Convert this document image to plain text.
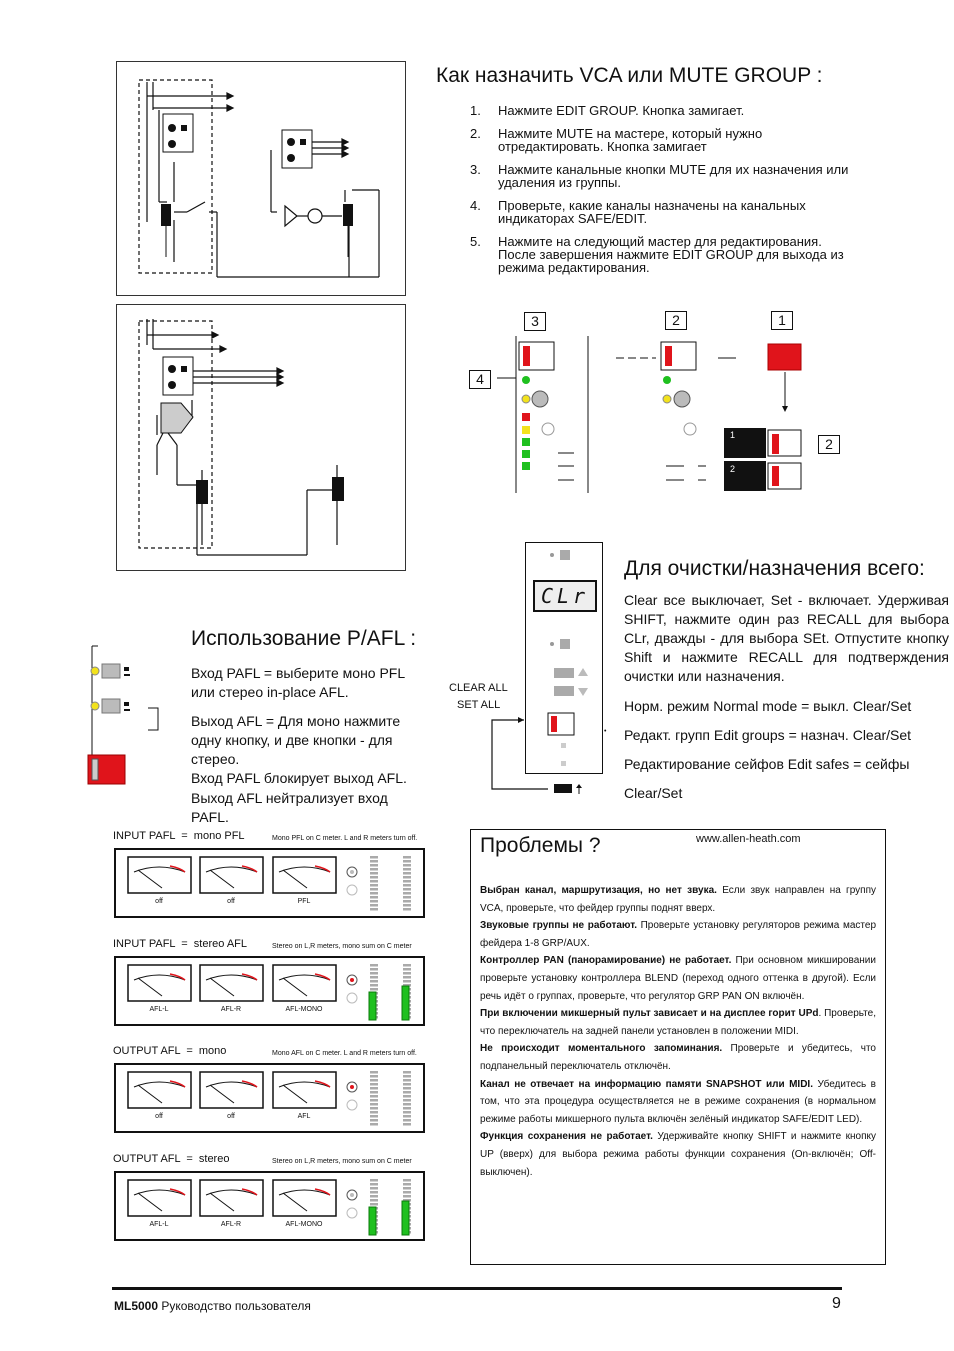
Как назначить VCA или MUTE GROUP :
1.	Нажмите EDIT GROUP. Кнопка замигает.
2.	Нажмите MUTE на мастере, который нужно отредактировать. Кнопка замигает
3.	Нажмите канальные кнопки MUTE для их назначения или удаления из группы.
4.	Проверьте, какие каналы назначены на канальных индикаторах SAFE/EDIT.
5.	Нажмите на следующий мастер для редактирования. После завершения нажмите EDIT GROUP для выхода из режима редактирования.
3	2	1
4
2
1
2
CLr
CLEAR ALL
SET ALL
•
Для очистки/назначения всего:
Clear все выключает, Set - включает. Удерживая SHIFT, нажмите один раз RECALL для выбора CLr, дважды - для выбора SEt. Отпустите кнопку Shift и нажмите RECALL для подтверждения очистки или назначения.
Норм. режим Normal mode = выкл. Clear/Set
Редакт. групп Edit groups = назнач. Clear/Set
Редактирование сейфов Edit safes = сейфы
Clear/Set
Использование P/AFL :
Вход PAFL = выберите моно PFL или стерео in-place AFL.
Выход AFL = Для моно нажмите одну кнопку, и две кнопки - для стерео.
Вход PAFL блокирует выход AFL.
Выход AFL нейтрализует вход PAFL.
INPUT PAFL  =  mono PFL	Mono PFL on C meter. L and R meters turn off.
off	off	PFL
INPUT PAFL  =  stereo AFL	Stereo on L,R meters, mono sum on C meter
AFL-L	AFL-R	AFL-MONO
OUTPUT AFL  =  mono	Mono AFL on C meter. L and R meters turn off.
off	off	AFL
OUTPUT AFL  =  stereo	Stereo on L,R meters, mono sum on C meter
AFL-L	AFL-R	AFL-MONO
Проблемы ?	www.allen-heath.com

Выбран канал, маршрутизация, но нет звука. Если звук направлен на группу VCA, проверьте, что фейдер группы поднят вверх.

Звуковые группы не работают. Проверьте установку регуляторов режима мастер фейдера 1-8 GRP/AUX.

Контроллер PAN (панорамирование) не работает. При основном микшировании проверьте установку контроллера BLEND (переход одного оттенка в другой). Если речь идёт о группах, проверьте, что регулятор GRP PAN ON включён.

При включении микшерный пульт зависает и на дисплее горит UPd. Проверьте, что переключатель на задней панели установлен в положении MIDI.

Не происходит моментального запоминания. Проверьте и убедитесь, что подпанельный переключатель отключён.

Канал не отвечает на информацию памяти SNAPSHOT или MIDI. Убедитесь в том, что эта процедура осуществляется не в режиме сохранения (в нормальном режиме работы микшерного пульта включён зелёный индикатор SAFE/EDIT LED).

Функция сохранения не работает. Удерживайте кнопку SHIFT и нажмите кнопку UP (вверх) для выбора режима работы функции сохранения (On-включён; Off-выключен).

ML5000 Руководство пользователя	9
